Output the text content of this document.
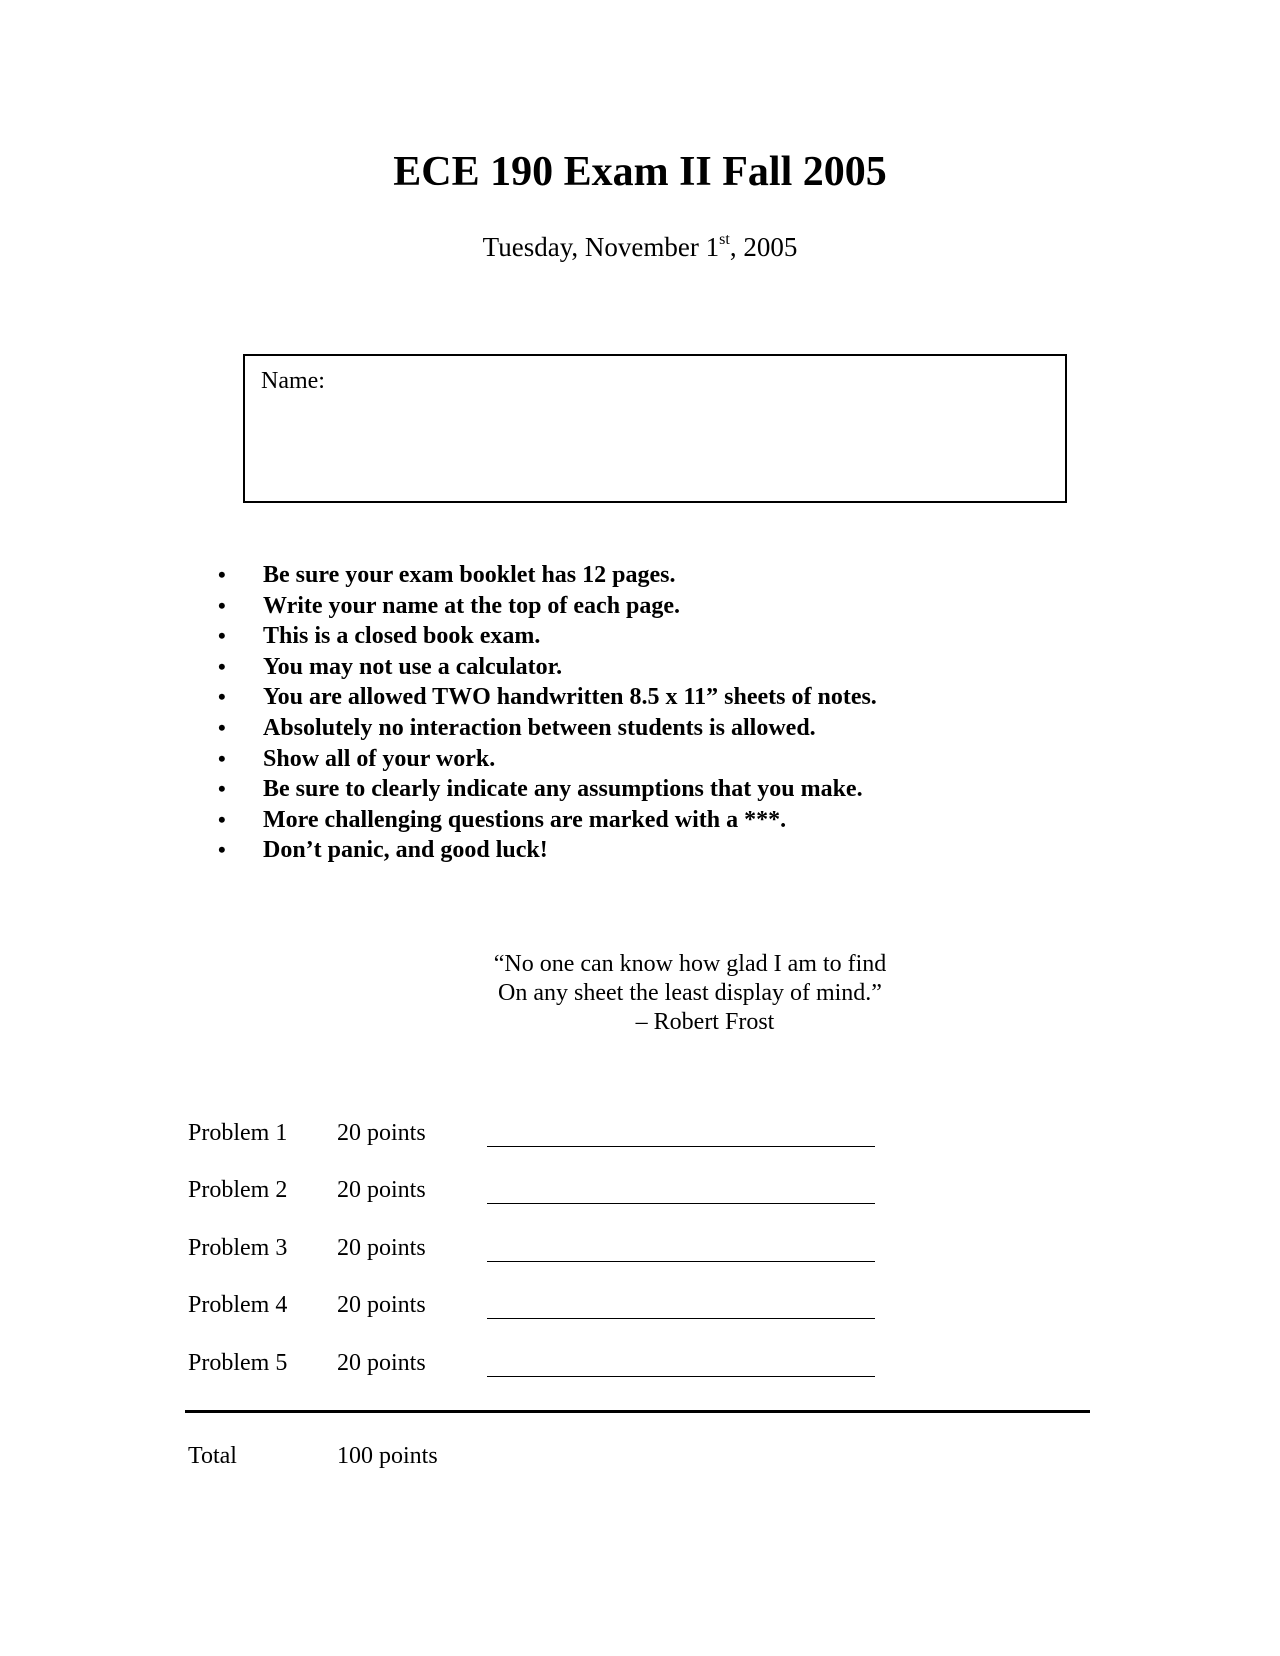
ECE 190 Exam II Fall 2005
Tuesday, November 1st, 2005
Name:
• Be sure your exam booklet has 12 pages.
• Write your name at the top of each page.
• This is a closed book exam.
• You may not use a calculator.
• You are allowed TWO handwritten 8.5 x 11” sheets of notes.
• Absolutely no interaction between students is allowed.
• Show all of your work.
• Be sure to clearly indicate any assumptions that you make.
• More challenging questions are marked with a ***.
• Don’t panic, and good luck!
“No one can know how glad I am to find
On any sheet the least display of mind.”

– Robert Frost
Problem 1 20 points
Problem 2 20 points
Problem 3 20 points
Problem 4 20 points
Problem 5 20 points
Total	100 points
